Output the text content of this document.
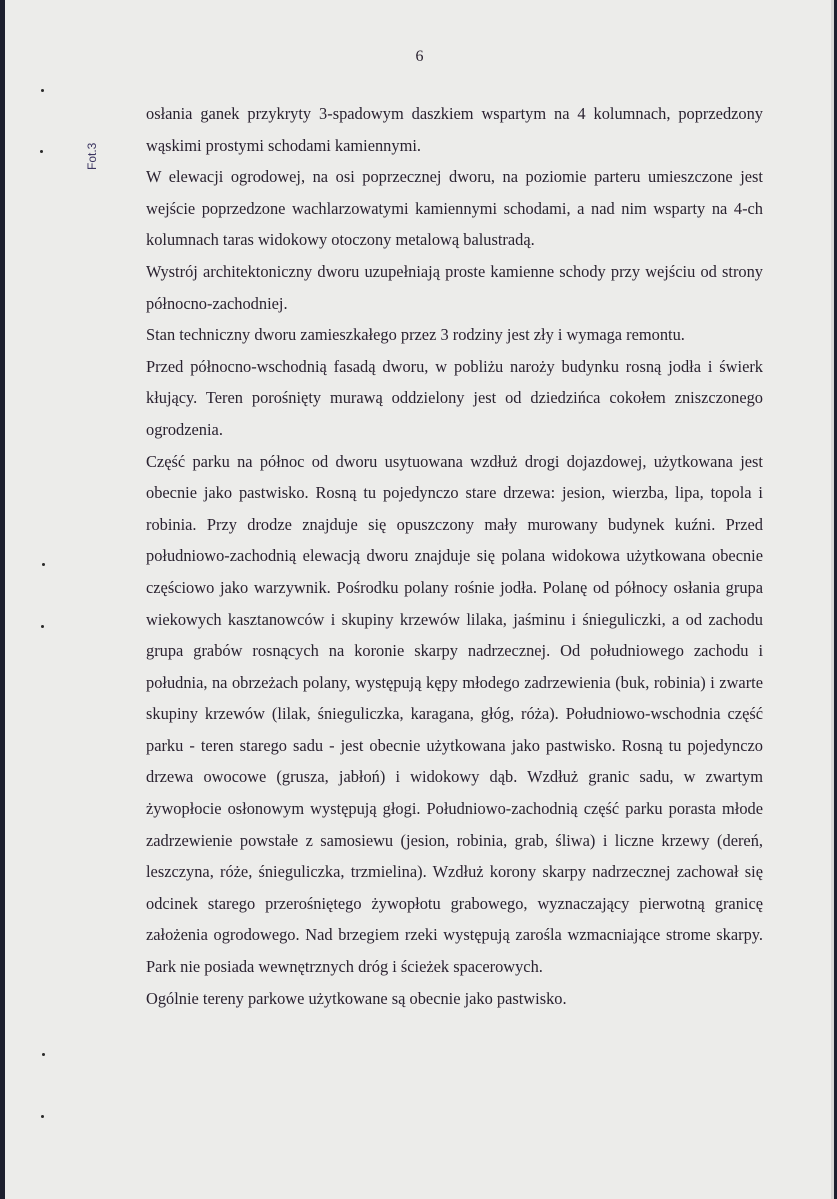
6
Fot.3

osłania ganek przykryty 3-spadowym daszkiem wspartym na 4 kolumnach, poprzedzony wąskimi prostymi schodami kamiennymi.

W elewacji ogrodowej, na osi poprzecznej dworu, na poziomie parteru umieszczone jest wejście poprzedzone wachlarzowatymi kamiennymi schodami, a nad nim wsparty na 4-ch kolumnach taras widokowy otoczony metalową balustradą.

Wystrój architektoniczny dworu uzupełniają proste kamienne schody przy wejściu od strony północno-zachodniej.

Stan techniczny dworu zamieszkałego przez 3 rodziny jest zły i wymaga remontu.

Przed północno-wschodnią fasadą dworu, w pobliżu naroży budynku rosną jodła i świerk kłujący. Teren porośnięty murawą oddzielony jest od dziedzińca cokołem zniszczonego ogrodzenia.

Część parku na północ od dworu usytuowana wzdłuż drogi dojazdowej, użytkowana jest obecnie jako pastwisko. Rosną tu pojedynczo stare drzewa: jesion, wierzba, lipa, topola i robinia. Przy drodze znajduje się opuszczony mały murowany budynek kuźni. Przed południowo-zachodnią elewacją dworu znajduje się polana widokowa użytkowana obecnie częściowo jako warzywnik. Pośrodku polany rośnie jodła. Polanę od północy osłania grupa wiekowych kasztanowców i skupiny krzewów lilaka, jaśminu i śnieguliczki, a od zachodu grupa grabów rosnących na koronie skarpy nadrzecznej. Od południowego zachodu i południa, na obrzeżach polany, występują kępy młodego zadrzewienia (buk, robinia) i zwarte skupiny krzewów (lilak, śnieguliczka, karagana, głóg, róża). Południowo-wschodnia część parku - teren starego sadu - jest obecnie użytkowana jako pastwisko. Rosną tu pojedynczo drzewa owocowe (grusza, jabłoń) i widokowy dąb. Wzdłuż granic sadu, w zwartym żywopłocie osłonowym występują głogi. Południowo-zachodnią część parku porasta młode zadrzewienie powstałe z samosiewu (jesion, robinia, grab, śliwa) i liczne krzewy (dereń, leszczyna, róże, śnieguliczka, trzmielina). Wzdłuż korony skarpy nadrzecznej zachował się odcinek starego przerośniętego żywopłotu grabowego, wyznaczający pierwotną granicę założenia ogrodowego. Nad brzegiem rzeki występują zarośla wzmacniające strome skarpy. Park nie posiada wewnętrznych dróg i ścieżek spacerowych.

Ogólnie tereny parkowe użytkowane są obecnie jako pastwisko.
